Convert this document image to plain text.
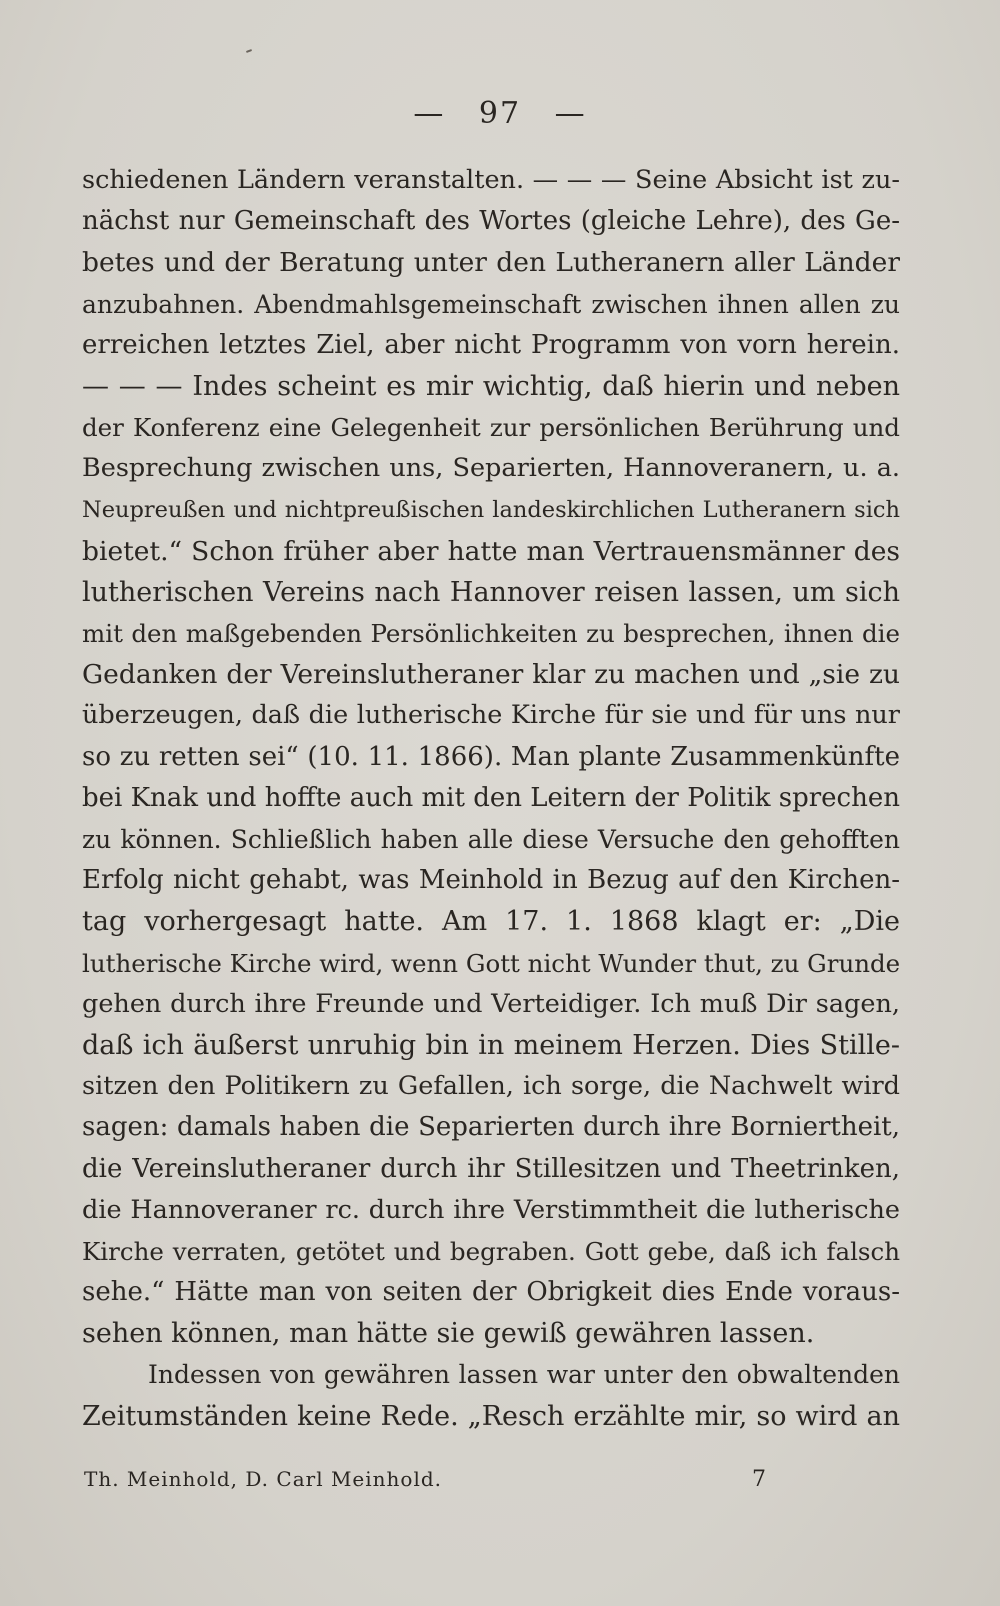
— 97 —
schiedenen Ländern veranstalten. — — — Seine Absicht ist zu-
nächst nur Gemeinschaft des Wortes (gleiche Lehre), des Ge-
betes und der Beratung unter den Lutheranern aller Länder
anzubahnen. Abendmahlsgemeinschaft zwischen ihnen allen zu
erreichen letztes Ziel, aber nicht Programm von vorn herein.
— — — Indes scheint es mir wichtig, daß hierin und neben
der Konferenz eine Gelegenheit zur persönlichen Berührung und
Besprechung zwischen uns, Separierten, Hannoveranern, u. a.
Neupreußen und nichtpreußischen landeskirchlichen Lutheranern sich
bietet.“ Schon früher aber hatte man Vertrauensmänner des
lutherischen Vereins nach Hannover reisen lassen, um sich
mit den maßgebenden Persönlichkeiten zu besprechen, ihnen die
Gedanken der Vereinslutheraner klar zu machen und „sie zu
überzeugen, daß die lutherische Kirche für sie und für uns nur
so zu retten sei“ (10. 11. 1866). Man plante Zusammenkünfte
bei Knak und hoffte auch mit den Leitern der Politik sprechen
zu können. Schließlich haben alle diese Versuche den gehofften
Erfolg nicht gehabt, was Meinhold in Bezug auf den Kirchen-
tag vorhergesagt hatte. Am 17. 1. 1868 klagt er: „Die
lutherische Kirche wird, wenn Gott nicht Wunder thut, zu Grunde
gehen durch ihre Freunde und Verteidiger. Ich muß Dir sagen,
daß ich äußerst unruhig bin in meinem Herzen. Dies Stille-
sitzen den Politikern zu Gefallen, ich sorge, die Nachwelt wird
sagen: damals haben die Separierten durch ihre Borniertheit,
die Vereinslutheraner durch ihr Stillesitzen und Theetrinken,
die Hannoveraner rc. durch ihre Verstimmtheit die lutherische
Kirche verraten, getötet und begraben. Gott gebe, daß ich falsch
sehe.“ Hätte man von seiten der Obrigkeit dies Ende voraus-
sehen können, man hätte sie gewiß gewähren lassen.
Indessen von gewähren lassen war unter den obwaltenden
Zeitumständen keine Rede. „Resch erzählte mir, so wird an
Th. Meinhold, D. Carl Meinhold.	7
